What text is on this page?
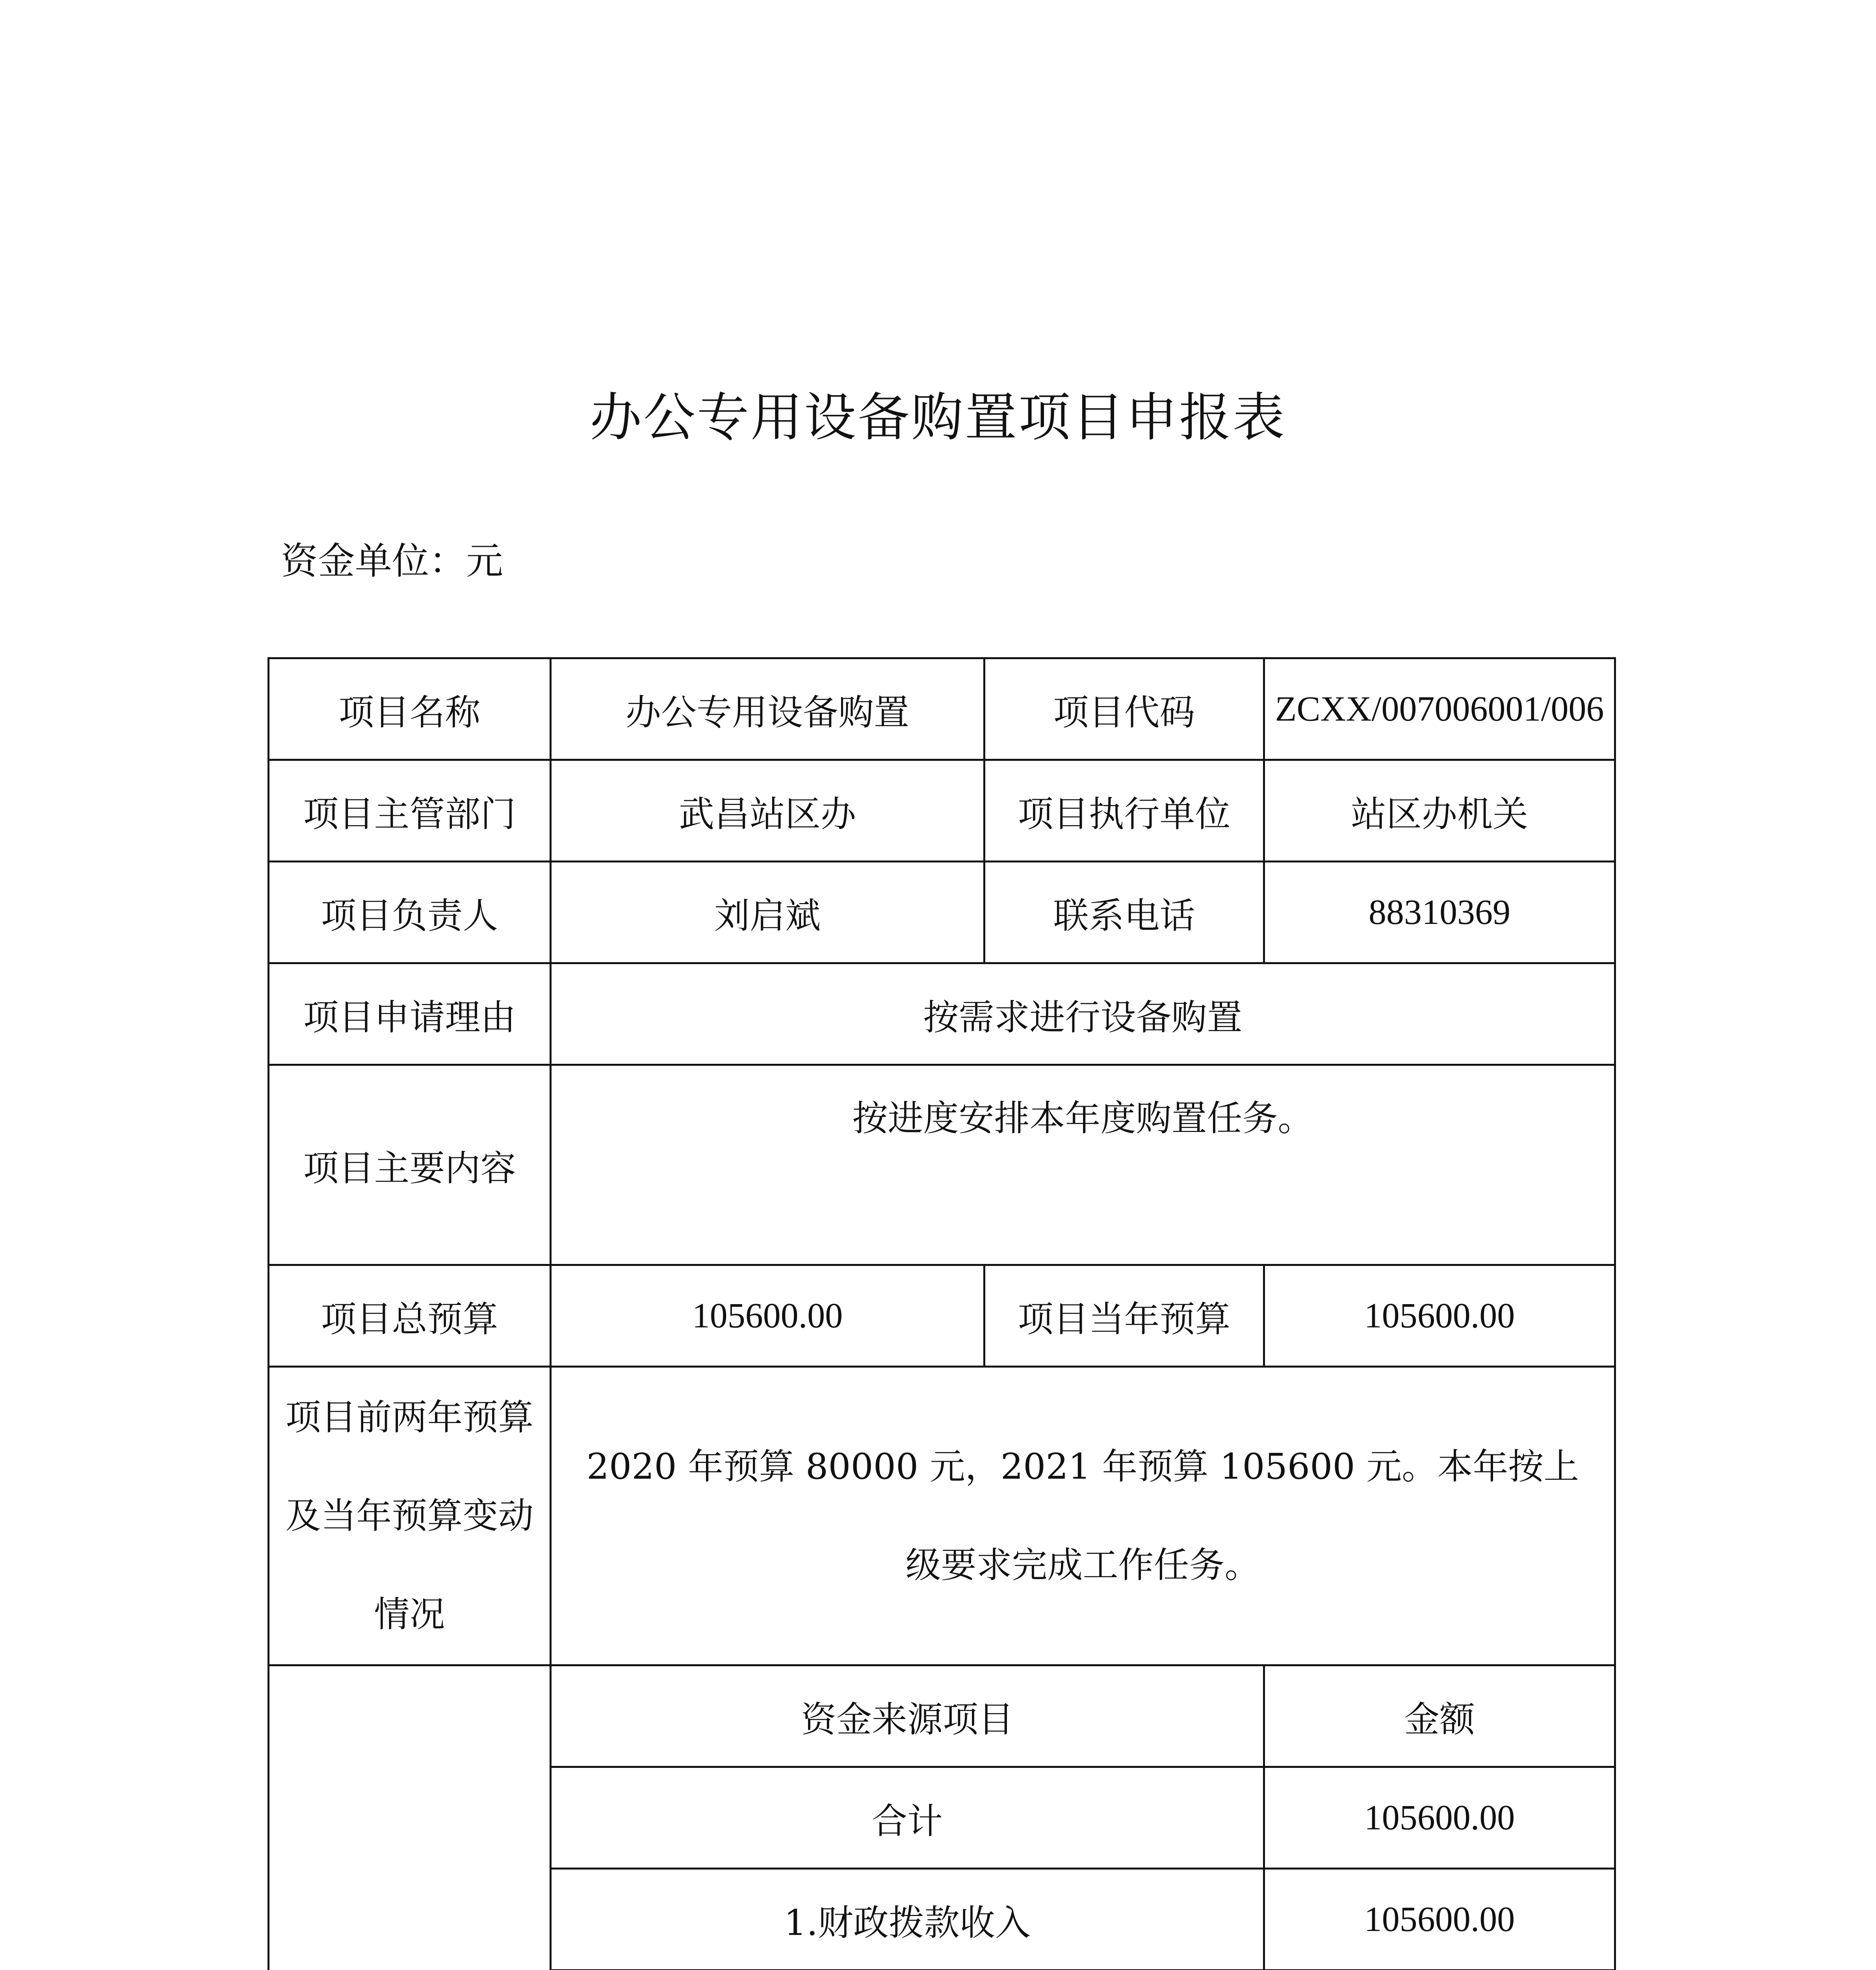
办公专用设备购置项目申报表
资金单位：元
项目名称	办公专用设备购置	项目代码	ZCXX/007006001/006
项目主管部门	武昌站区办	项目执行单位	站区办机关
项目负责人	刘启斌	联系电话	88310369
项目申请理由	按需求进行设备购置		
项目主要内容	按进度安排本年度购置任务。		
项目总预算	105600.00	项目当年预算	105600.00
项目前两年预算及当年预算变动情况	2020 年预算 80000 元，2021 年预算 105600 元。本年按上级要求完成工作任务。		
	资金来源项目		金额
	合计		105600.00
	1.财政拨款收入		105600.00
